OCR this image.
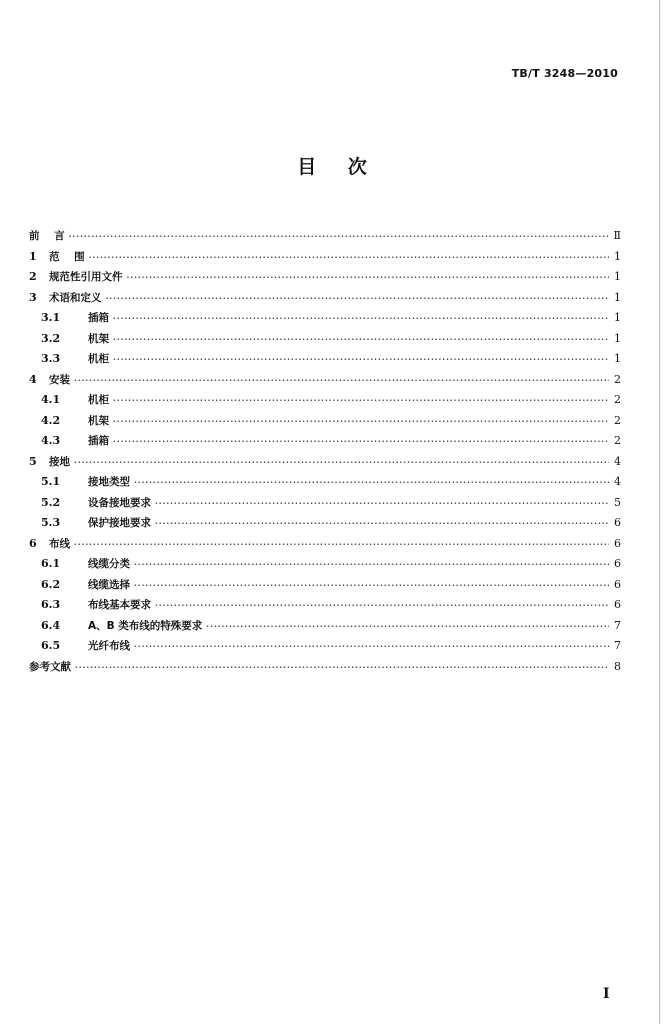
TB/T 3248—2010
目    次
前    言 ·····	Ⅱ
1	范    围 ·····	1
2	规范性引用文件 ·····	1
3	术语和定义 ·····	1
3.1	插箱 ·····	1
3.2	机架 ·····	1
3.3	机柜 ·····	1
4	安装 ·····	2
4.1	机柜 ·····	2
4.2	机架 ·····	2
4.3	插箱 ·····	2
5	接地 ·····	4
5.1	接地类型 ·····	4
5.2	设备接地要求 ·····	5
5.3	保护接地要求 ·····	6
6	布线 ·····	6
6.1	线缆分类 ·····	6
6.2	线缆选择 ·····	6
6.3	布线基本要求 ·····	6
6.4	A、B 类布线的特殊要求 ·····	7
6.5	光纤布线 ·····	7
参考文献 ·····	8
I
